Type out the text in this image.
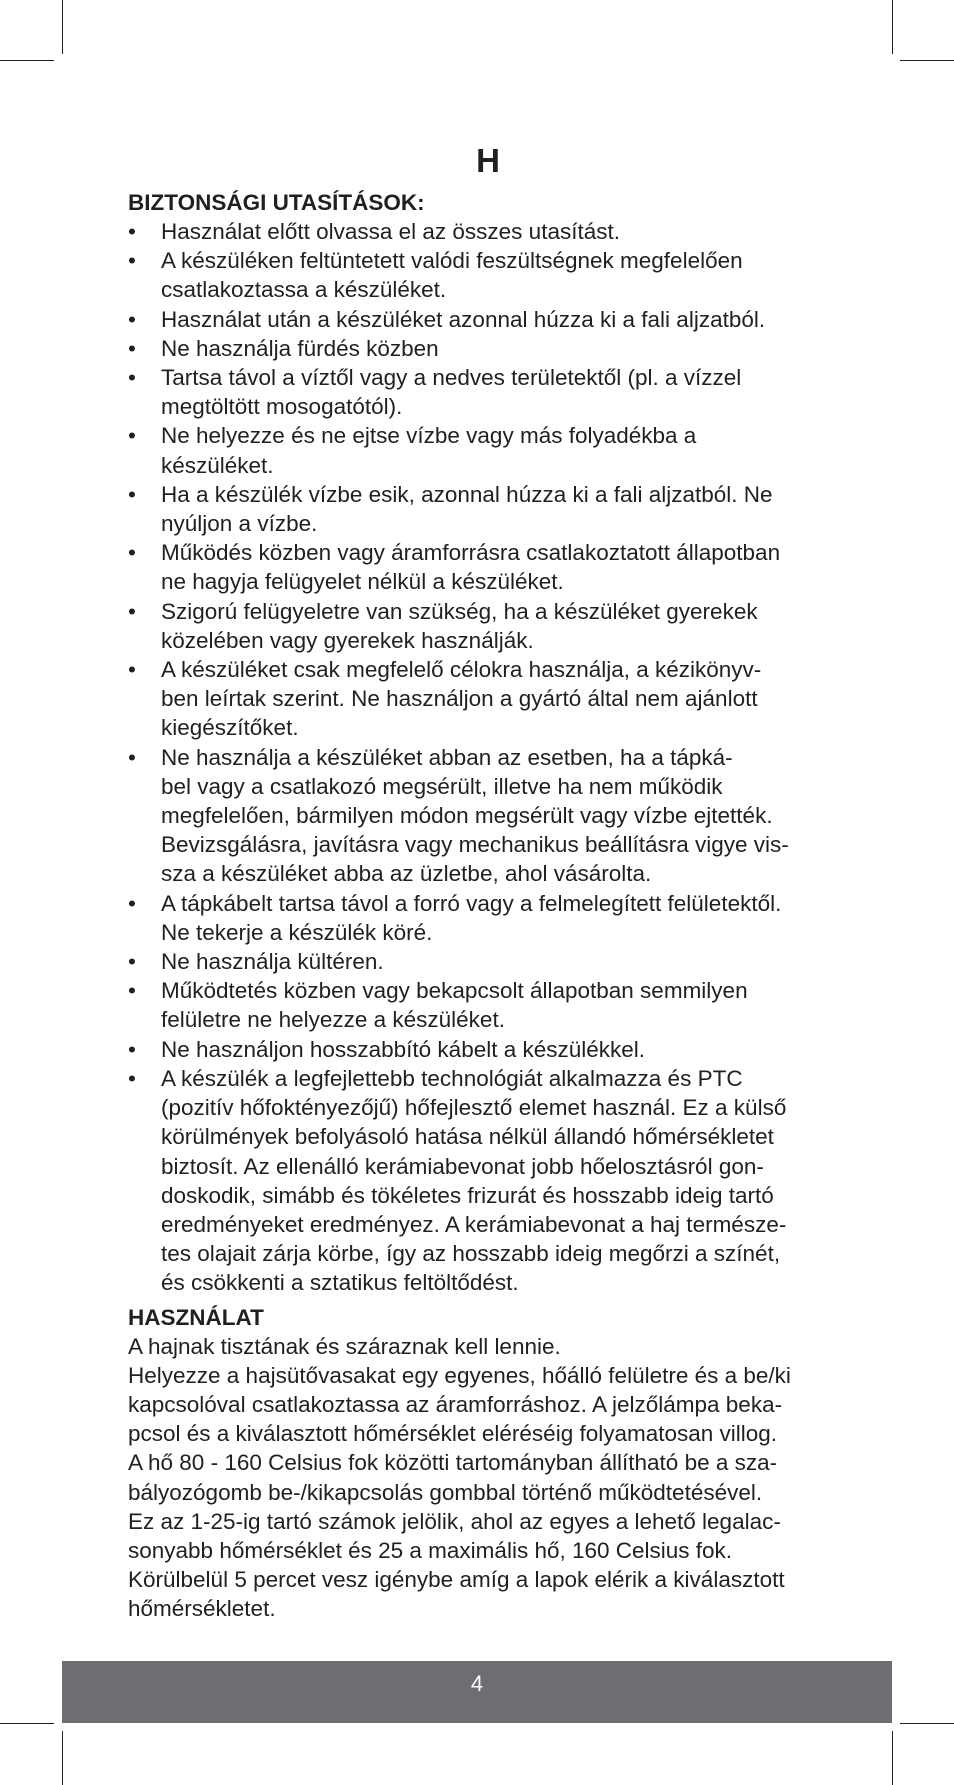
H
BIZTONSÁGI UTASÍTÁSOK:
• Használat előtt olvassa el az összes utasítást.
• A készüléken feltüntetett valódi feszültségnek megfelelően
csatlakoztassa a készüléket.
• Használat után a készüléket azonnal húzza ki a fali aljzatból.
• Ne használja fürdés közben
• Tartsa távol a víztől vagy a nedves területektől (pl. a vízzel
megtöltött mosogatótól).
• Ne helyezze és ne ejtse vízbe vagy más folyadékba a
készüléket.
• Ha a készülék vízbe esik, azonnal húzza ki a fali aljzatból. Ne
nyúljon a vízbe.
• Működés közben vagy áramforrásra csatlakoztatott állapotban
ne hagyja felügyelet nélkül a készüléket.
• Szigorú felügyeletre van szükség, ha a készüléket gyerekek
közelében vagy gyerekek használják.
• A készüléket csak megfelelő célokra használja, a kézikönyv-
ben leírtak szerint. Ne használjon a gyártó által nem ajánlott
kiegészítőket.
• Ne használja a készüléket abban az esetben, ha a tápká-
bel vagy a csatlakozó megsérült, illetve ha nem működik
megfelelően, bármilyen módon megsérült vagy vízbe ejtették.
Bevizsgálásra, javításra vagy mechanikus beállításra vigye vis-
sza a készüléket abba az üzletbe, ahol vásárolta.
• A tápkábelt tartsa távol a forró vagy a felmelegített felületektől.
Ne tekerje a készülék köré.
• Ne használja kültéren.
• Működtetés közben vagy bekapcsolt állapotban semmilyen
felületre ne helyezze a készüléket.
• Ne használjon hosszabbító kábelt a készülékkel.
• A készülék a legfejlettebb technológiát alkalmazza és PTC
(pozitív hőfoktényezőjű) hőfejlesztő elemet használ. Ez a külső
körülmények befolyásoló hatása nélkül állandó hőmérsékletet
biztosít. Az ellenálló kerámiabevonat jobb hőelosztásról gon-
doskodik, simább és tökéletes frizurát és hosszabb ideig tartó
eredményeket eredményez. A kerámiabevonat a haj természe-
tes olajait zárja körbe, így az hosszabb ideig megőrzi a színét,
és csökkenti a sztatikus feltöltődést.
HASZNÁLAT
A hajnak tisztának és száraznak kell lennie.
Helyezze a hajsütővasakat egy egyenes, hőálló felületre és a be/ki
kapcsolóval csatlakoztassa az áramforráshoz. A jelzőlámpa beka-
pcsol és a kiválasztott hőmérséklet eléréséig folyamatosan villog.
A hő 80 - 160 Celsius fok közötti tartományban állítható be a sza-
bályozógomb be-/kikapcsolás gombbal történő működtetésével.
Ez az 1-25-ig tartó számok jelölik, ahol az egyes a lehető legalac-
sonyabb hőmérséklet és 25 a maximális hő, 160 Celsius fok.
Körülbelül 5 percet vesz igénybe amíg a lapok elérik a kiválasztott
hőmérsékletet.
4
